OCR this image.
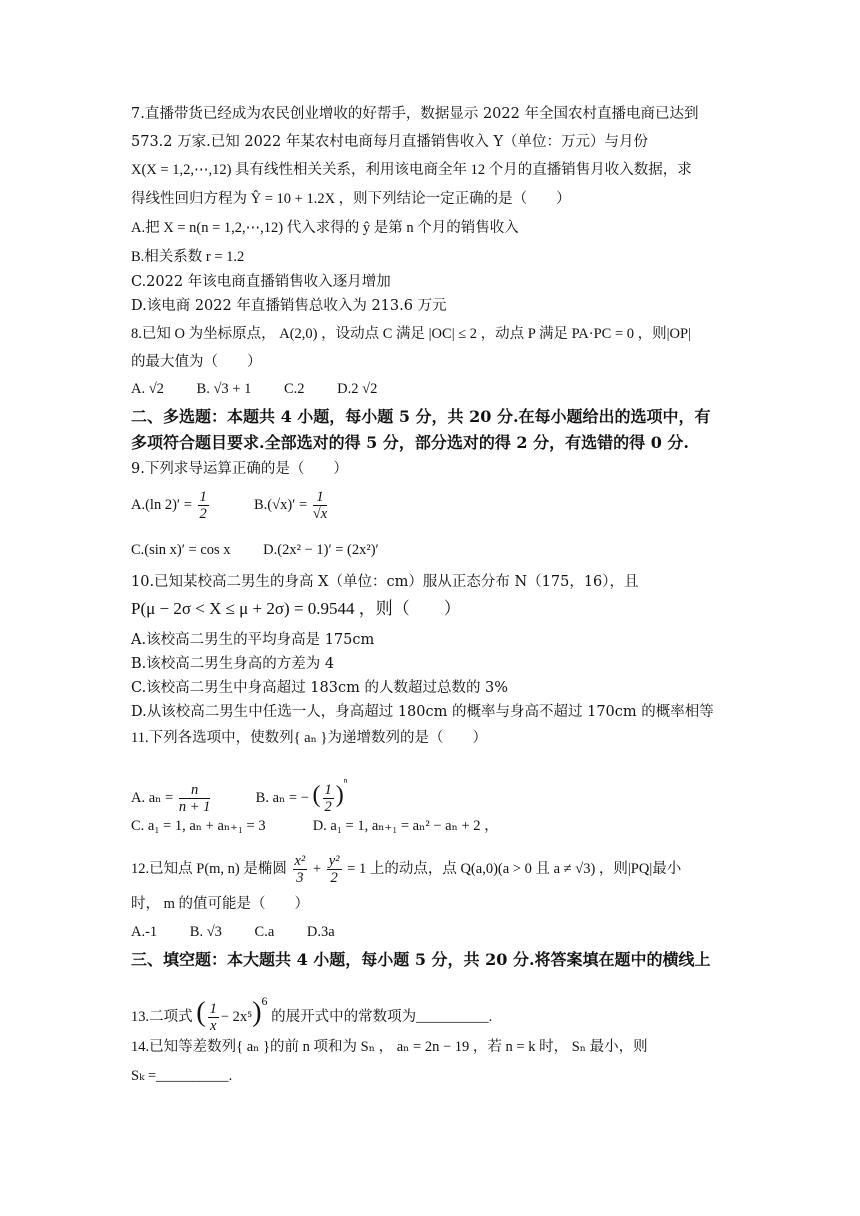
7.直播带货已经成为农民创业增收的好帮手，数据显示 2022 年全国农村直播电商已达到
573.2 万家.已知 2022 年某农村电商每月直播销售收入 Y（单位：万元）与月份
X(X = 1,2,⋯,12) 具有线性相关关系，利用该电商全年 12 个月的直播销售月收入数据，求
得线性回归方程为 Ŷ = 10 + 1.2X ，则下列结论一定正确的是（　　）
A.把 X = n(n = 1,2,⋯,12) 代入求得的 ŷ 是第 n 个月的销售收入
B.相关系数 r = 1.2
C.2022 年该电商直播销售收入逐月增加
D.该电商 2022 年直播销售总收入为 213.6 万元
8.已知 O 为坐标原点， A(2,0) ，设动点 C 满足 |OC| ≤ 2 ，动点 P 满足 PA·PC = 0 ，则|OP|
的最大值为（　　）
A. √2　　 B. √3 + 1　　 C.2　　 D.2 √2
二、多选题：本题共 4 小题，每小题 5 分，共 20 分.在每小题给出的选项中，有
多项符合题目要求.全部选对的得 5 分，部分选对的得 2 分，有选错的得 0 分.
9.下列求导运算正确的是（　　）
A.(ln $2)' = \frac{1}{2}$	$B.(√x)' = \frac{1}{√x}$
C.(sin x)′ = cos x　　 D.(2x² − 1)′ = (2x²)′
10.已知某校高二男生的身高 X（单位：cm）服从正态分布 N（175，16），且
P(μ − 2σ < X ≤ μ + 2σ) = 0.9544 ，则（　　）
A.该校高二男生的平均身高是 175cm
B.该校高二男生身高的方差为 4
C.该校高二男生中身高超过 183cm 的人数超过总数的 3%
D.从该校高二男生中任选一人，身高超过 180cm 的概率与身高不超过 170cm 的概率相等
11.下列各选项中，使数列{ aₙ }为递增数列的是（　　）
A. $a_n = \frac{n}{n + 1}$	B. aₙ = − ( $\frac{1}{2} )^{^n}$
C. a₁ = 1, aₙ + aₙ₊₁ = 3　　　 D. a₁ = 1, aₙ₊₁ = aₙ² − aₙ + 2 ，
12.已知点 P(m, n) 是椭圆 $\frac{\text{x²}}{3} + \frac{\text{y²}}{2} = 1$ 上的动点，点 Q(a,0)(a > 0 且 a ≠ √3) ，则|PQ|最小
时， m 的值可能是（　　）
A.-1　　 B. √3　　 C.a　　 D.3a
三、填空题：本大题共 4 小题，每小题 5 分，共 20 分.将答案填在题中的横线上
13.二项式 ( $\frac{1}{x} - 2x^5)^6$ 的展开式中的常数项为__________.
14.已知等差数列{ aₙ }的前 n 项和为 Sₙ ， aₙ = 2n − 19 ，若 n = k 时， Sₙ 最小，则
Sₖ =__________.
